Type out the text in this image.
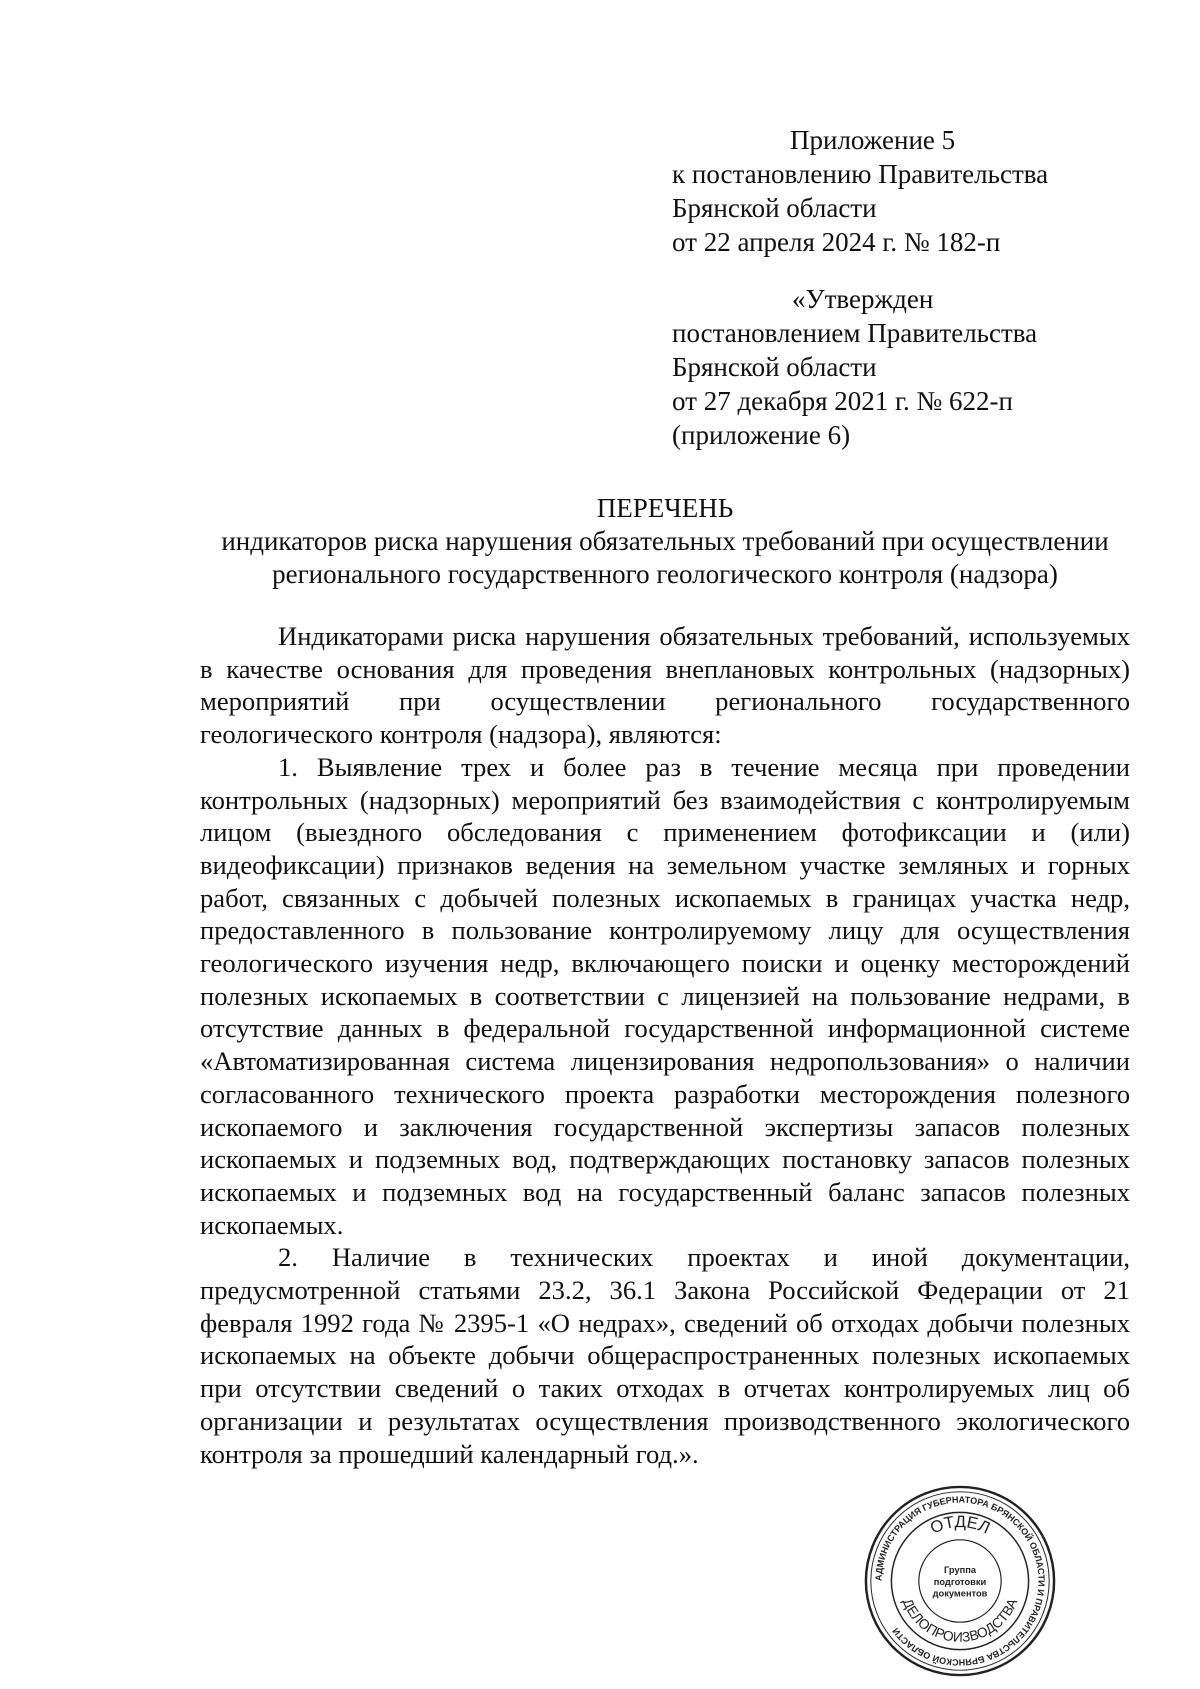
Приложение 5
к постановлению Правительства
Брянской области
от 22 апреля 2024 г. № 182-п
«Утвержден
постановлением Правительства
Брянской области
от 27 декабря 2021 г. № 622-п
(приложение 6)
ПЕРЕЧЕНЬ
индикаторов риска нарушения обязательных требований при осуществлении
регионального государственного геологического контроля (надзора)

Индикаторами риска нарушения обязательных требований, используемых в качестве основания для проведения внеплановых контрольных (надзорных) мероприятий при осуществлении регионального государственного геологического контроля (надзора), являются:

1. Выявление трех и более раз в течение месяца при проведении контрольных (надзорных) мероприятий без взаимодействия с контролируемым лицом (выездного обследования с применением фотофиксации и (или) видеофиксации) признаков ведения на земельном участке земляных и горных работ, связанных с добычей полезных ископаемых в границах участка недр, предоставленного в пользование контролируемому лицу для осуществления геологического изучения недр, включающего поиски и оценку месторождений полезных ископаемых в соответствии с лицензией на пользование недрами, в отсутствие данных в федеральной государственной информационной системе «Автоматизированная система лицензирования недропользования» о наличии согласованного технического проекта разработки месторождения полезного ископаемого и заключения государственной экспертизы запасов полезных ископаемых и подземных вод, подтверждающих постановку запасов полезных ископаемых и подземных вод на государственный баланс запасов полезных ископаемых.

2. Наличие в технических проектах и иной документации, предусмотренной статьями 23.2, 36.1 Закона Российской Федерации от 21 февраля 1992 года № 2395-1 «О недрах», сведений об отходах добычи полезных ископаемых на объекте добычи общераспространенных полезных ископаемых при отсутствии сведений о таких отходах в отчетах контролируемых лиц об организации и результатах осуществления производственного экологического контроля за прошедший календарный год.».

АДМИНИСТРАЦИЯ ГУБЕРНАТОРА БРЯНСКОЙ ОБЛАСТИ И ПРАВИТЕЛЬСТВА БРЯНСКОЙ ОБЛАСТИ
ОТДЕЛ
ДЕЛОПРОИЗВОДСТВА
Группа
подготовки
документов
